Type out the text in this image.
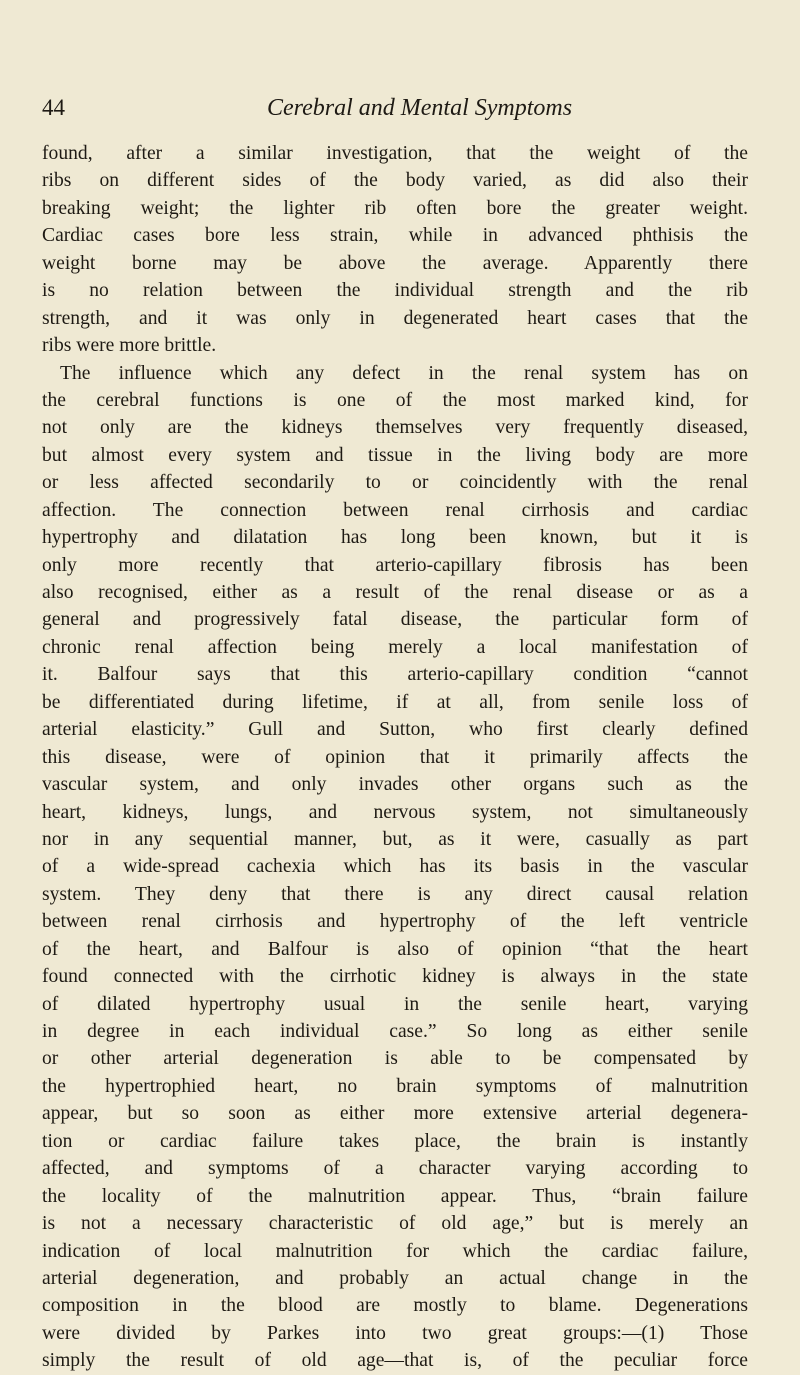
44	Cerebral and Mental Symptoms
found, after a similar investigation, that the weight of the
ribs on different sides of the body varied, as did also their
breaking weight; the lighter rib often bore the greater weight.
Cardiac cases bore less strain, while in advanced phthisis the
weight borne may be above the average. Apparently there
is no relation between the individual strength and the rib
strength, and it was only in degenerated heart cases that the
ribs were more brittle.
The influence which any defect in the renal system has on
the cerebral functions is one of the most marked kind, for
not only are the kidneys themselves very frequently diseased,
but almost every system and tissue in the living body are more
or less affected secondarily to or coincidently with the renal
affection. The connection between renal cirrhosis and cardiac
hypertrophy and dilatation has long been known, but it is
only more recently that arterio-capillary fibrosis has been
also recognised, either as a result of the renal disease or as a
general and progressively fatal disease, the particular form of
chronic renal affection being merely a local manifestation of
it. Balfour says that this arterio-capillary condition “cannot
be differentiated during lifetime, if at all, from senile loss of
arterial elasticity.” Gull and Sutton, who first clearly defined
this disease, were of opinion that it primarily affects the
vascular system, and only invades other organs such as the
heart, kidneys, lungs, and nervous system, not simultaneously
nor in any sequential manner, but, as it were, casually as part
of a wide-spread cachexia which has its basis in the vascular
system. They deny that there is any direct causal relation
between renal cirrhosis and hypertrophy of the left ventricle
of the heart, and Balfour is also of opinion “that the heart
found connected with the cirrhotic kidney is always in the state
of dilated hypertrophy usual in the senile heart, varying
in degree in each individual case.” So long as either senile
or other arterial degeneration is able to be compensated by
the hypertrophied heart, no brain symptoms of malnutrition
appear, but so soon as either more extensive arterial degenera-
tion or cardiac failure takes place, the brain is instantly
affected, and symptoms of a character varying according to
the locality of the malnutrition appear. Thus, “brain failure
is not a necessary characteristic of old age,” but is merely an
indication of local malnutrition for which the cardiac failure,
arterial degeneration, and probably an actual change in the
composition in the blood are mostly to blame. Degenerations
were divided by Parkes into two great groups:—(1) Those
simply the result of old age—that is, of the peculiar force
